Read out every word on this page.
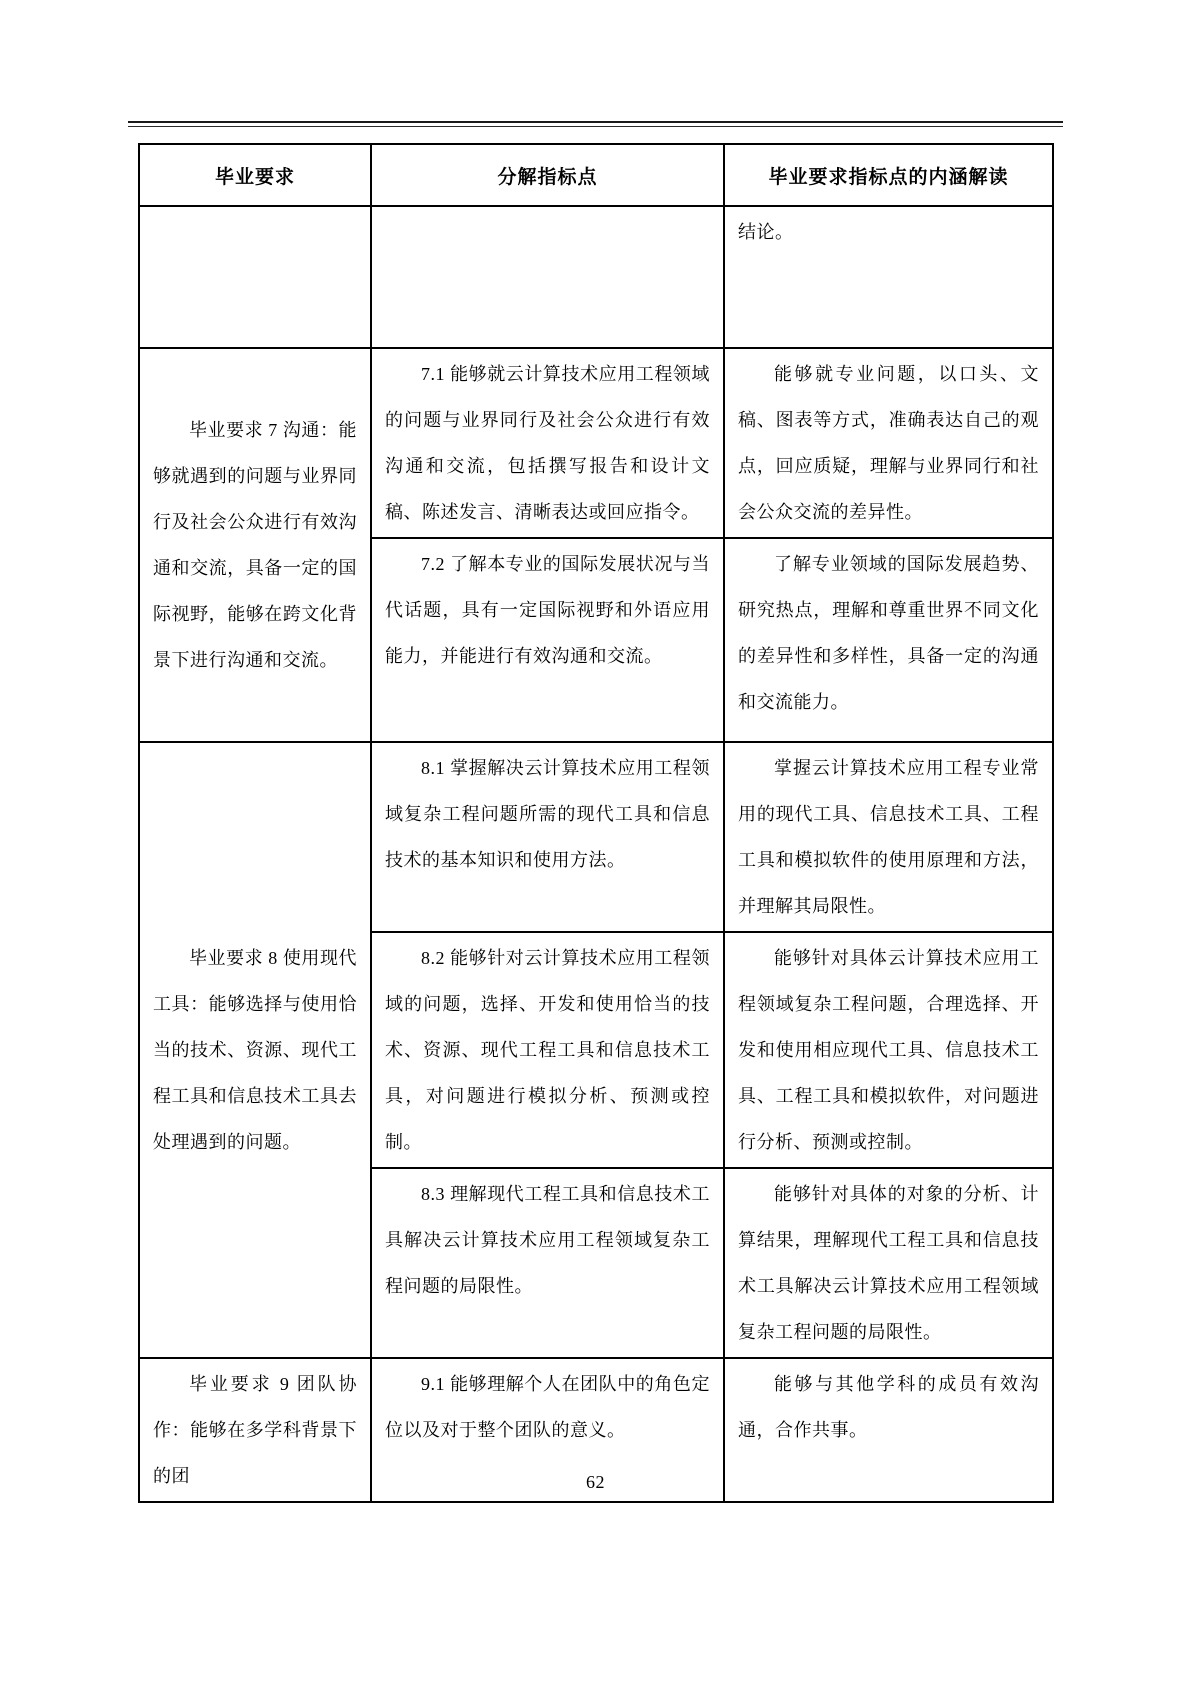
毕业要求	分解指标点	毕业要求指标点的内涵解读

		结论。

毕业要求 7 沟通：能够就遇到的问题与业界同行及社会公众进行有效沟通和交流，具备一定的国际视野，能够在跨文化背景下进行沟通和交流。	7.1 能够就云计算技术应用工程领域的问题与业界同行及社会公众进行有效沟通和交流，包括撰写报告和设计文稿、陈述发言、清晰表达或回应指令。	能够就专业问题，以口头、文稿、图表等方式，准确表达自己的观点，回应质疑，理解与业界同行和社会公众交流的差异性。

	7.2 了解本专业的国际发展状况与当代话题，具有一定国际视野和外语应用能力，并能进行有效沟通和交流。	了解专业领域的国际发展趋势、研究热点，理解和尊重世界不同文化的差异性和多样性，具备一定的沟通和交流能力。

毕业要求 8 使用现代工具：能够选择与使用恰当的技术、资源、现代工程工具和信息技术工具去处理遇到的问题。	8.1 掌握解决云计算技术应用工程领域复杂工程问题所需的现代工具和信息技术的基本知识和使用方法。	掌握云计算技术应用工程专业常用的现代工具、信息技术工具、工程工具和模拟软件的使用原理和方法，并理解其局限性。

	8.2 能够针对云计算技术应用工程领域的问题，选择、开发和使用恰当的技术、资源、现代工程工具和信息技术工具，对问题进行模拟分析、预测或控制。	能够针对具体云计算技术应用工程领域复杂工程问题，合理选择、开发和使用相应现代工具、信息技术工具、工程工具和模拟软件，对问题进行分析、预测或控制。

	8.3 理解现代工程工具和信息技术工具解决云计算技术应用工程领域复杂工程问题的局限性。	能够针对具体的对象的分析、计算结果，理解现代工程工具和信息技术工具解决云计算技术应用工程领域复杂工程问题的局限性。

毕业要求 9 团队协作：能够在多学科背景下的团	9.1 能够理解个人在团队中的角色定位以及对于整个团队的意义。	能够与其他学科的成员有效沟通，合作共事。

62
